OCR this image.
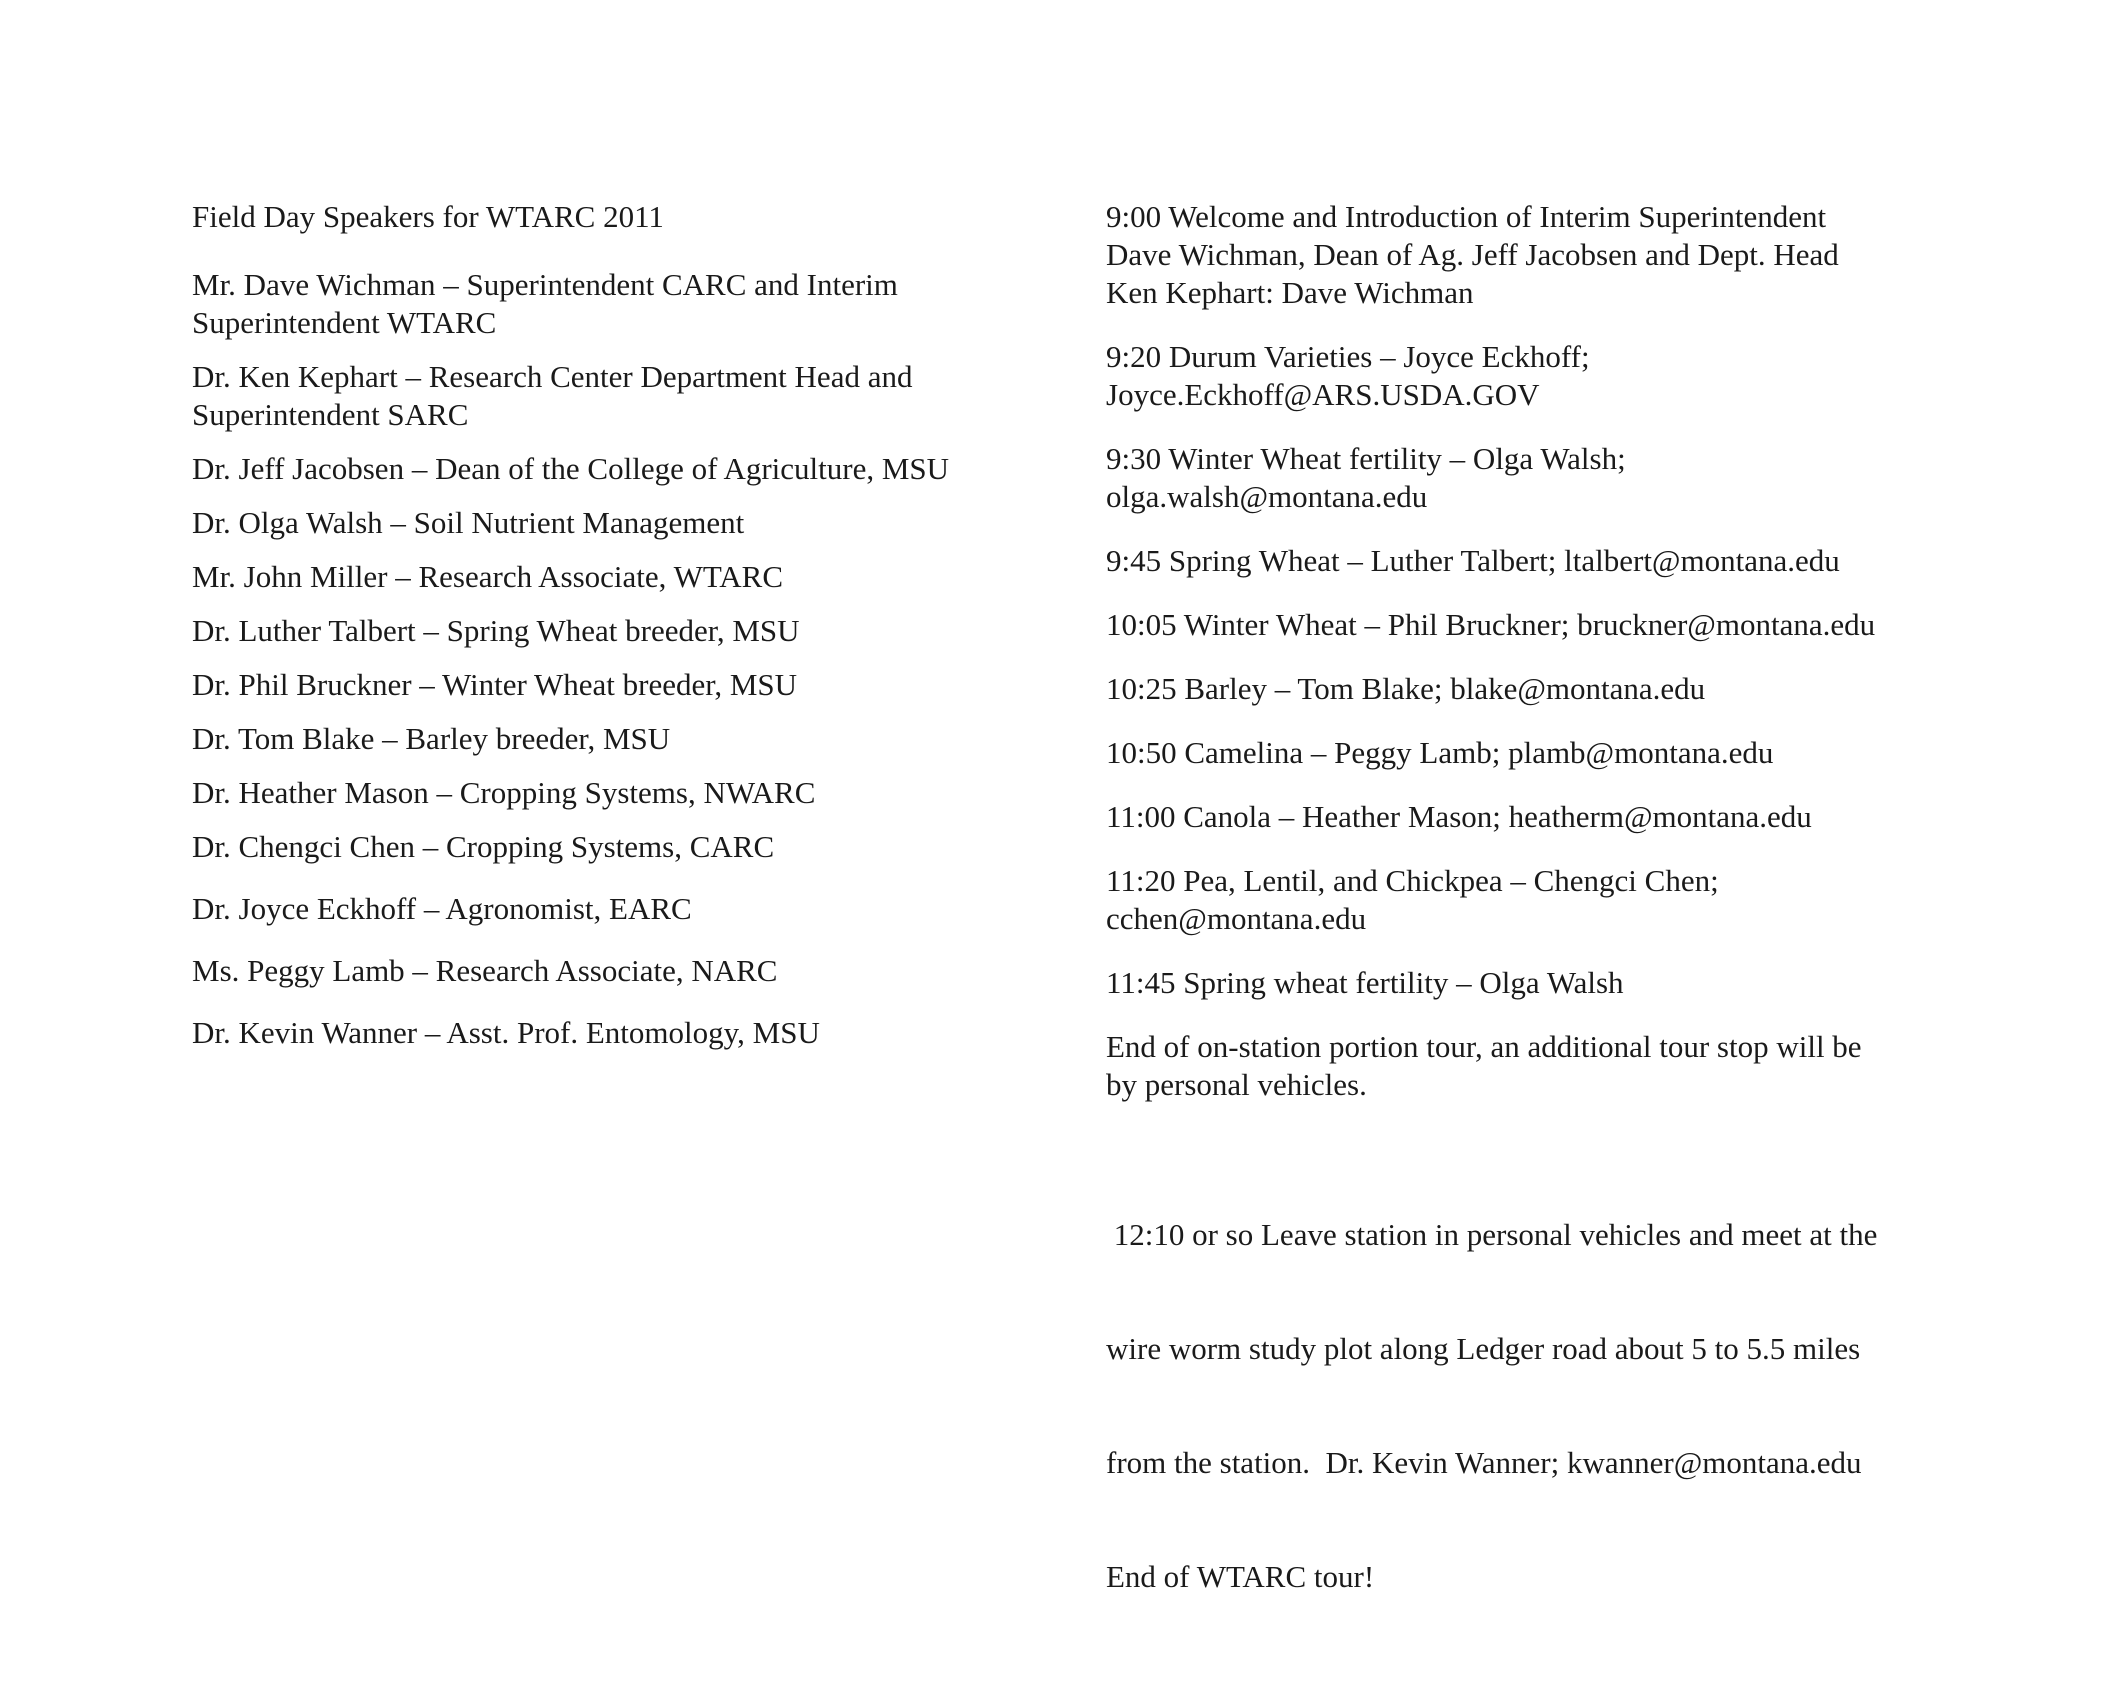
Field Day Speakers for WTARC 2011
Mr. Dave Wichman – Superintendent CARC and Interim Superintendent WTARC
Dr. Ken Kephart – Research Center Department Head and Superintendent SARC
Dr. Jeff Jacobsen – Dean of the College of Agriculture, MSU
Dr. Olga Walsh – Soil Nutrient Management
Mr. John Miller – Research Associate, WTARC
Dr. Luther Talbert – Spring Wheat breeder, MSU
Dr. Phil Bruckner – Winter Wheat breeder, MSU
Dr. Tom Blake – Barley breeder, MSU
Dr. Heather Mason – Cropping Systems, NWARC
Dr. Chengci Chen – Cropping Systems, CARC
Dr. Joyce Eckhoff – Agronomist, EARC
Ms. Peggy Lamb – Research Associate, NARC
Dr. Kevin Wanner – Asst. Prof. Entomology, MSU
9:00 Welcome and Introduction of Interim Superintendent
Dave Wichman, Dean of Ag. Jeff Jacobsen and Dept. Head
Ken Kephart: Dave Wichman
9:20 Durum Varieties – Joyce Eckhoff;
Joyce.Eckhoff@ARS.USDA.GOV
9:30 Winter Wheat fertility – Olga Walsh;
olga.walsh@montana.edu
9:45 Spring Wheat – Luther Talbert; ltalbert@montana.edu
10:05 Winter Wheat – Phil Bruckner; bruckner@montana.edu
10:25 Barley – Tom Blake; blake@montana.edu
10:50 Camelina – Peggy Lamb; plamb@montana.edu
11:00 Canola – Heather Mason; heatherm@montana.edu
11:20 Pea, Lentil, and Chickpea – Chengci Chen;
cchen@montana.edu
11:45 Spring wheat fertility – Olga Walsh
End of on-station portion tour, an additional tour stop will be
by personal vehicles.

12:10 or so Leave station in personal vehicles and meet at the

wire worm study plot along Ledger road about 5 to 5.5 miles

from the station.  Dr. Kevin Wanner; kwanner@montana.edu

End of WTARC tour!
